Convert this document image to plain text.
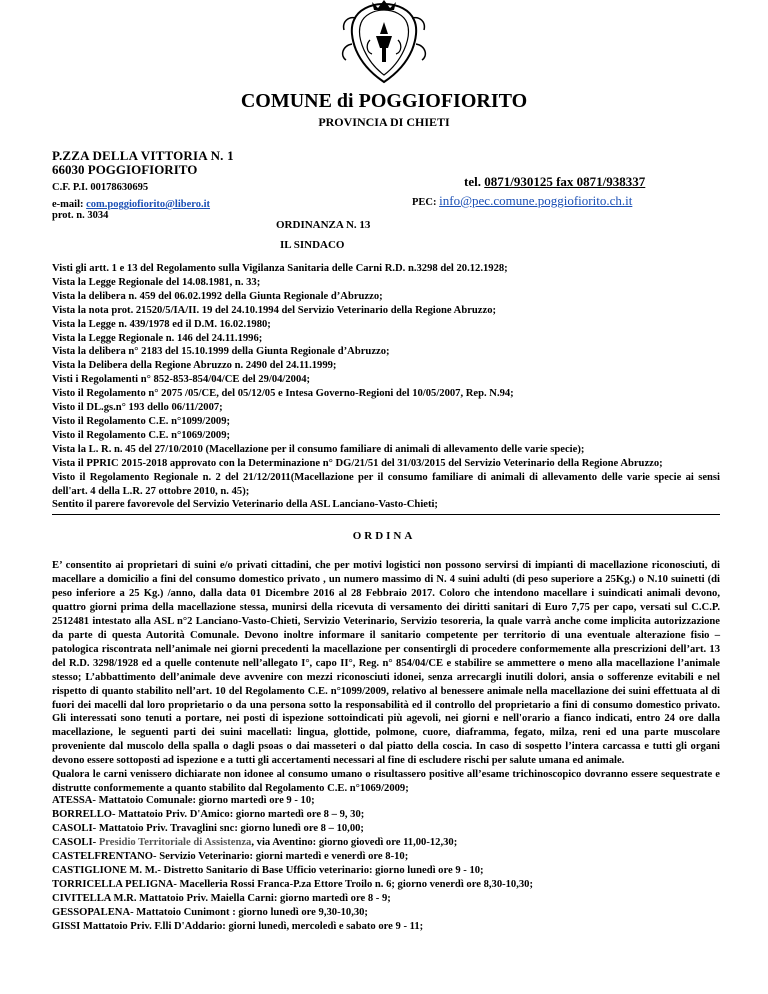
COMUNE di POGGIOFIORITO
PROVINCIA DI CHIETI
P.ZZA DELLA VITTORIA N. 1
66030 POGGIOFIORITO
C.F. P.I. 00178630695	tel. 0871/930125 fax 0871/938337
e-mail: com.poggiofiorito@libero.it	PEC: info@pec.comune.poggiofiorito.ch.it
prot. n. 3034
ORDINANZA N. 13
IL SINDACO
Visti gli artt. 1 e 13 del Regolamento sulla Vigilanza Sanitaria delle Carni R.D. n.3298 del 20.12.1928;
Vista la Legge Regionale del 14.08.1981, n. 33;
Vista la delibera n. 459 del 06.02.1992 della Giunta Regionale d’Abruzzo;
Vista la nota prot. 21520/5/IA/II. 19 del 24.10.1994 del Servizio Veterinario della Regione Abruzzo;
Vista la Legge n. 439/1978 ed il D.M. 16.02.1980;
Vista la Legge Regionale n. 146 del 24.11.1996;
Vista la delibera n° 2183 del 15.10.1999 della Giunta Regionale d’Abruzzo;
Vista la Delibera della Regione Abruzzo n. 2490 del 24.11.1999;
Visti i Regolamenti n° 852-853-854/04/CE del 29/04/2004;
Visto il Regolamento n° 2075 /05/CE, del 05/12/05 e Intesa Governo-Regioni del 10/05/2007, Rep. N.94;
Visto il DL.gs.n° 193 dello 06/11/2007;
Visto il Regolamento C.E. n°1099/2009;
Visto il Regolamento C.E. n°1069/2009;
Vista la L. R. n. 45 del 27/10/2010 (Macellazione per il consumo familiare di animali di allevamento delle varie specie);
Vista il PPRIC 2015-2018 approvato con la Determinazione n° DG/21/51 del 31/03/2015 del Servizio Veterinario della Regione Abruzzo;
Visto il Regolamento Regionale n. 2 del 21/12/2011(Macellazione per il consumo familiare di animali di allevamento delle varie specie ai sensi dell'art. 4 della L.R. 27 ottobre 2010, n. 45);
Sentito il parere favorevole del Servizio Veterinario della ASL Lanciano-Vasto-Chieti;
ORDINA

E’ consentito ai proprietari di suini e/o privati cittadini, che per motivi logistici non possono servirsi di impianti di macellazione riconosciuti, di macellare a domicilio a fini del consumo domestico privato , un numero massimo di N. 4 suini adulti (di peso superiore a 25Kg.) o N.10 suinetti (di peso inferiore a 25 Kg.) /anno, dalla data 01 Dicembre 2016 al 28 Febbraio 2017. Coloro che intendono macellare i suindicati animali devono, quattro giorni prima della macellazione stessa, munirsi della ricevuta di versamento dei diritti sanitari di Euro 7,75 per capo, versati sul C.C.P. 2512481 intestato alla ASL n°2 Lanciano-Vasto-Chieti, Servizio Veterinario, Servizio tesoreria, la quale varrà anche come implicita autorizzazione da parte di questa Autorità Comunale. Devono inoltre informare il sanitario competente per territorio di una eventuale alterazione fisio – patologica riscontrata nell’animale nei giorni precedenti la macellazione per consentirgli di procedere conformemente alla prescrizioni dell’art. 13 del R.D. 3298/1928 ed a quelle contenute nell’allegato I°, capo II°, Reg. n° 854/04/CE e stabilire se ammettere o meno alla macellazione l’animale stesso; L’abbattimento dell’animale deve avvenire con mezzi riconosciuti idonei, senza arrecargli inutili dolori, ansia o sofferenze evitabili e nel rispetto di quanto stabilito nell’art. 10 del Regolamento C.E. n°1099/2009, relativo al benessere animale nella macellazione dei suini effettuata al di fuori dei macelli dal loro proprietario o da una persona sotto la responsabilità ed il controllo del proprietario a fini di consumo domestico privato. Gli interessati sono tenuti a portare, nei posti di ispezione sottoindicati più agevoli, nei giorni e nell'orario a fianco indicati, entro 24 ore dalla macellazione, le seguenti parti dei suini macellati: lingua, glottide, polmone, cuore, diaframma, fegato, milza, reni ed una parte muscolare proveniente dal muscolo della spalla o dagli psoas o dai masseteri o dal piatto della coscia. In caso di sospetto l’intera carcassa e tutti gli organi devono essere sottoposti ad ispezione e a tutti gli accertamenti necessari al fine di escludere rischi per salute umana ed animale.

Qualora le carni venissero dichiarate non idonee al consumo umano o risultassero positive all’esame trichinoscopico dovranno essere sequestrate e distrutte conformemente a quanto stabilito dal Regolamento C.E. n°1069/2009;

ATESSA- Mattatoio Comunale: giorno martedì ore 9 - 10;
BORRELLO- Mattatoio Priv. D'Amico: giorno martedì ore 8 – 9, 30;
CASOLI- Mattatoio Priv. Travaglini snc: giorno lunedì ore 8 – 10,00;
CASOLI- Presidio Territoriale di Assistenza, via Aventino: giorno giovedì ore 11,00-12,30;
CASTELFRENTANO- Servizio Veterinario: giorni martedì e venerdì ore 8-10;
CASTIGLIONE M. M.- Distretto Sanitario di Base Ufficio veterinario: giorno lunedì ore 9 - 10;
TORRICELLA PELIGNA- Macelleria Rossi Franca-P.za Ettore Troilo n. 6; giorno venerdì ore 8,30-10,30;
CIVITELLA M.R. Mattatoio Priv. Maiella Carni: giorno martedì ore 8 - 9;
GESSOPALENA- Mattatoio Cunimont : giorno lunedì ore 9,30-10,30;
GISSI Mattatoio Priv. F.lli D'Addario: giorni lunedì, mercoledì e sabato ore 9 - 11;
